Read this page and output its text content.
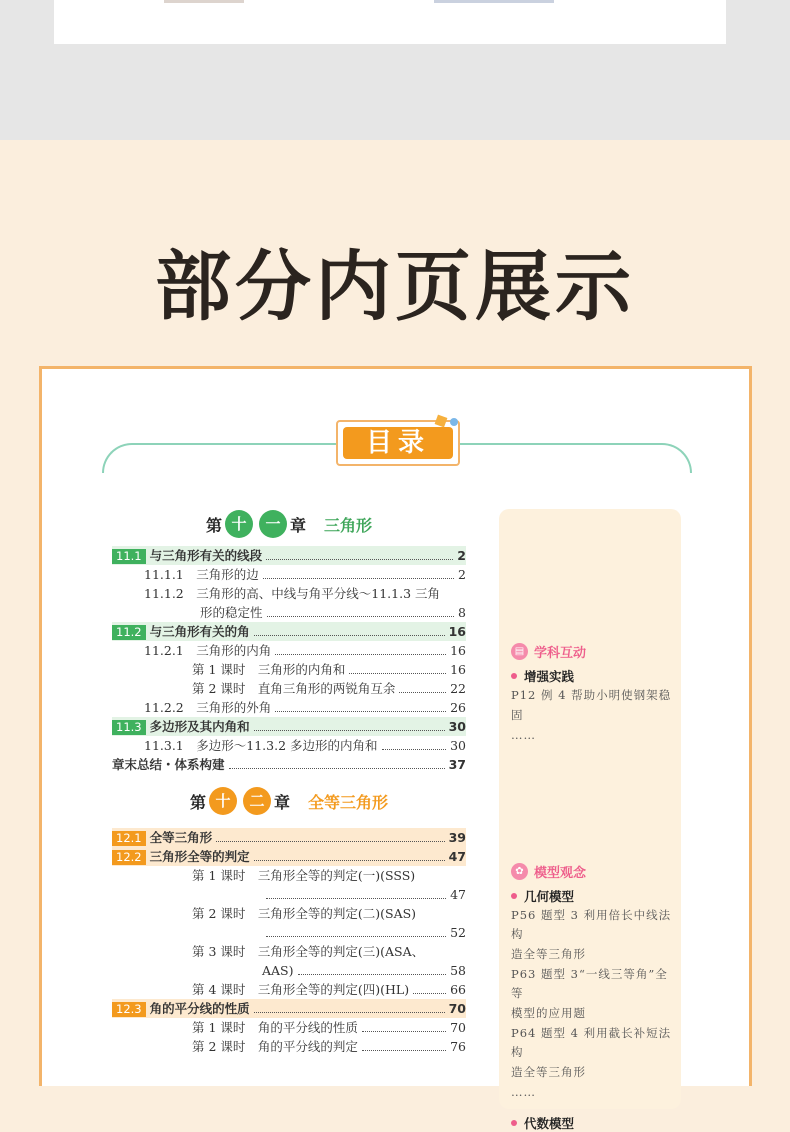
部分内页展示
目录
第 十	一 章 三角形
11.1 与三角形有关的线段	2
11.1.1　三角形的边	2
11.1.2　三角形的高、中线与角平分线～11.1.3 三角
形的稳定性	8
11.2 与三角形有关的角	16
11.2.1　三角形的内角	16
第 1 课时　三角形的内角和	16
第 2 课时　直角三角形的两锐角互余	22
11.2.2　三角形的外角	26
11.3 多边形及其内角和	30
11.3.1　多边形～11.3.2 多边形的内角和	30
章末总结・体系构建	37
第 十	二 章 全等三角形
12.1 全等三角形	39
12.2 三角形全等的判定	47
第 1 课时　三角形全等的判定(一)(SSS)
47
第 2 课时　三角形全等的判定(二)(SAS)
52
第 3 课时　三角形全等的判定(三)(ASA、
AAS)	58
第 4 课时　三角形全等的判定(四)(HL)	66
12.3 角的平分线的性质	70
第 1 课时　角的平分线的性质	70
第 2 课时　角的平分线的判定	76
▤ 学科互动
增强实践
P12 例 4 帮助小明使钢架稳
固
……
✿ 模型观念
几何模型
P56 题型 3 利用倍长中线法构
造全等三角形
P63 题型 3“一线三等角”全等
模型的应用题
P64 题型 4 利用截长补短法构
造全等三角形
……
代数模型
